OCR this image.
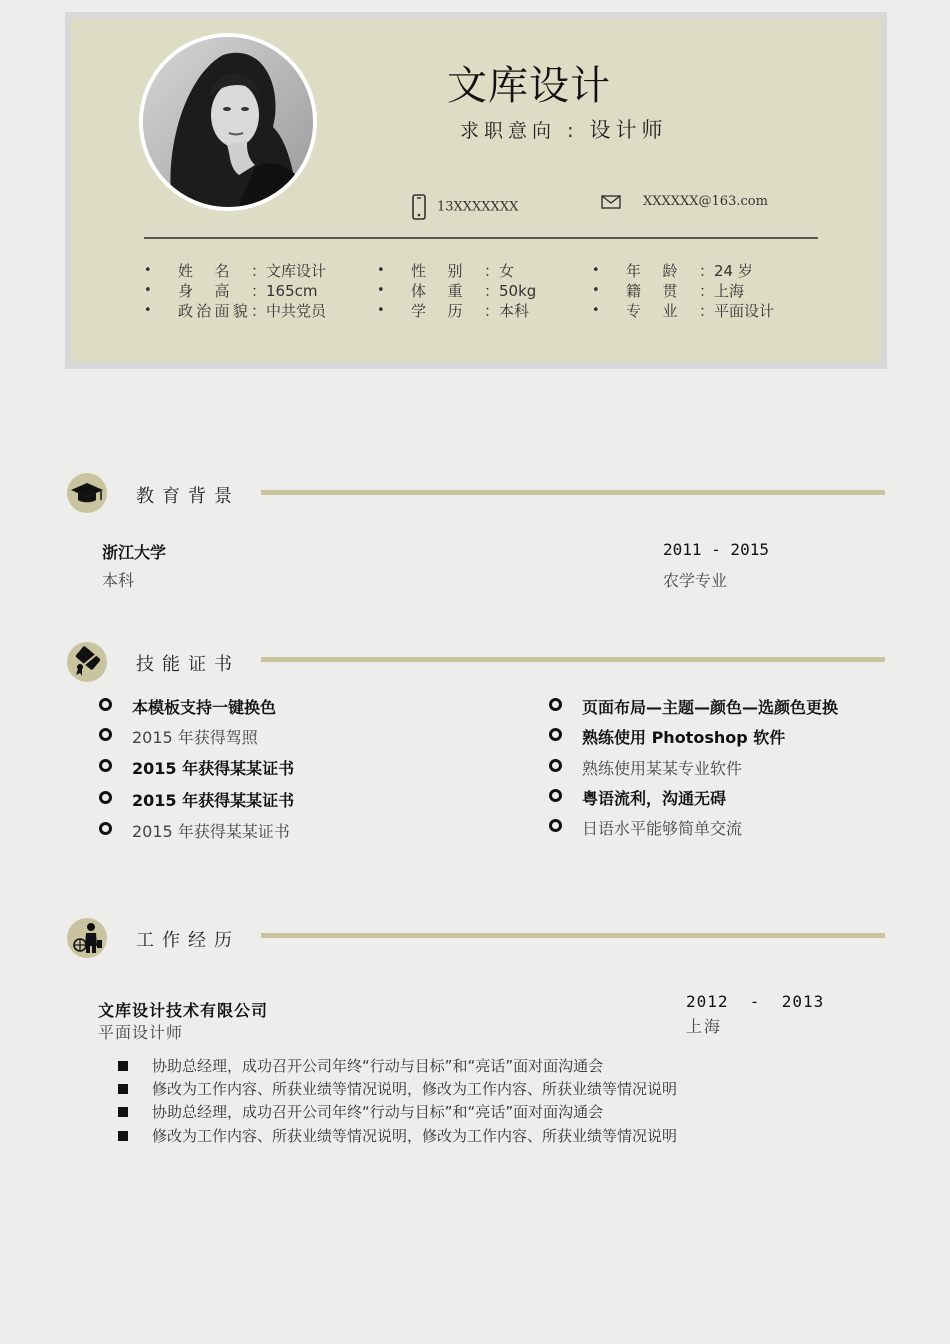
文库设计
求职意向 : 设计师
13XXXXXXX	XXXXXX@163.com
• 姓名：文库设计
• 身高：165cm
• 政治面貌：中共党员
• 性别：女
• 体重：50kg
• 学历：本科
• 年龄：24 岁
• 籍贯：上海
• 专业：平面设计
教育背景
浙江大学
本科
2011 - 2015
农学专业
技能证书
本模板支持一键换色
2015 年获得驾照
2015 年获得某某证书
2015 年获得某某证书
2015 年获得某某证书
页面布局—主题—颜色—选颜色更换
熟练使用 Photoshop 软件
熟练使用某某专业软件
粤语流利，沟通无碍
日语水平能够简单交流
工作经历
文库设计技术有限公司
平面设计师
2012  -  2013
上海
协助总经理，成功召开公司年终“行动与目标”和“亮话”面对面沟通会
修改为工作内容、所获业绩等情况说明，修改为工作内容、所获业绩等情况说明
协助总经理，成功召开公司年终“行动与目标”和“亮话”面对面沟通会
修改为工作内容、所获业绩等情况说明，修改为工作内容、所获业绩等情况说明
